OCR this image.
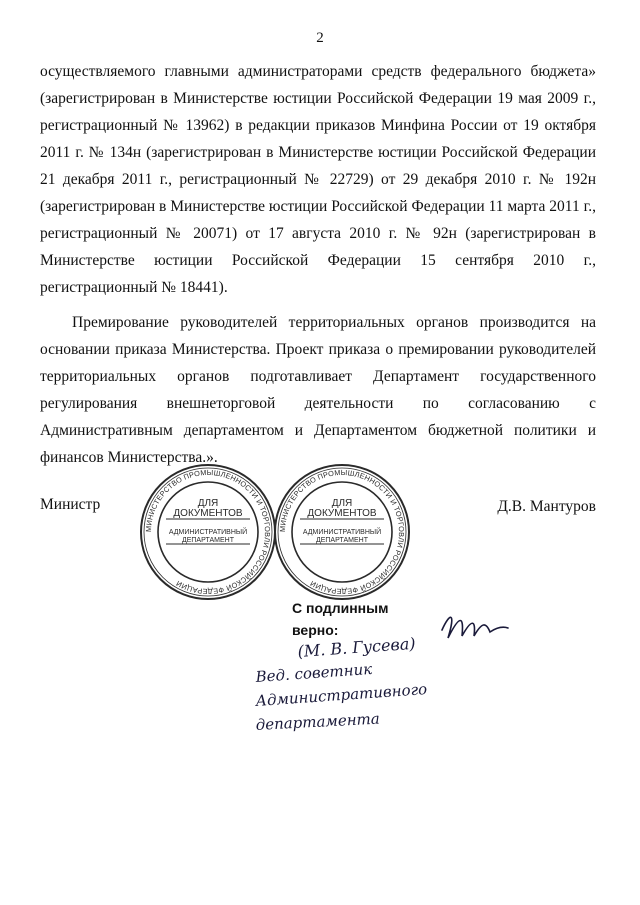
2

осуществляемого главными администраторами средств федерального бюджета» (зарегистрирован в Министерстве юстиции Российской Федерации 19 мая 2009 г., регистрационный № 13962) в редакции приказов Минфина России от 19 октября 2011 г. № 134н (зарегистрирован в Министерстве юстиции Российской Федерации 21 декабря 2011 г., регистрационный № 22729) от 29 декабря 2010 г. № 192н (зарегистрирован в Министерстве юстиции Российской Федерации 11 марта 2011 г., регистрационный № 20071) от 17 августа 2010 г. № 92н (зарегистрирован в Министерстве юстиции Российской Федерации 15 сентября 2010 г., регистрационный № 18441).

Премирование руководителей территориальных органов производится на основании приказа Министерства. Проект приказа о премировании руководителей территориальных органов подготавливает Департамент государственного регулирования внешнеторговой деятельности по согласованию с Административным департаментом и Департаментом бюджетной политики и финансов Министерства.».

Министр	Д.В. Мантуров
МИНИСТЕРСТВО ПРОМЫШЛЕННОСТИ И ТОРГОВЛИ РОССИЙСКОЙ ФЕДЕРАЦИИ
ДЛЯ
ДОКУМЕНТОВ
АДМИНИСТРАТИВНЫЙ
ДЕПАРТАМЕНТ
МИНИСТЕРСТВО ПРОМЫШЛЕННОСТИ И ТОРГОВЛИ РОССИЙСКОЙ ФЕДЕРАЦИИ
ДЛЯ
ДОКУМЕНТОВ
АДМИНИСТРАТИВНЫЙ
ДЕПАРТАМЕНТ
С подлинным
верно:
(М. В. Гусева)
Вед. советник
Административного
департамента
